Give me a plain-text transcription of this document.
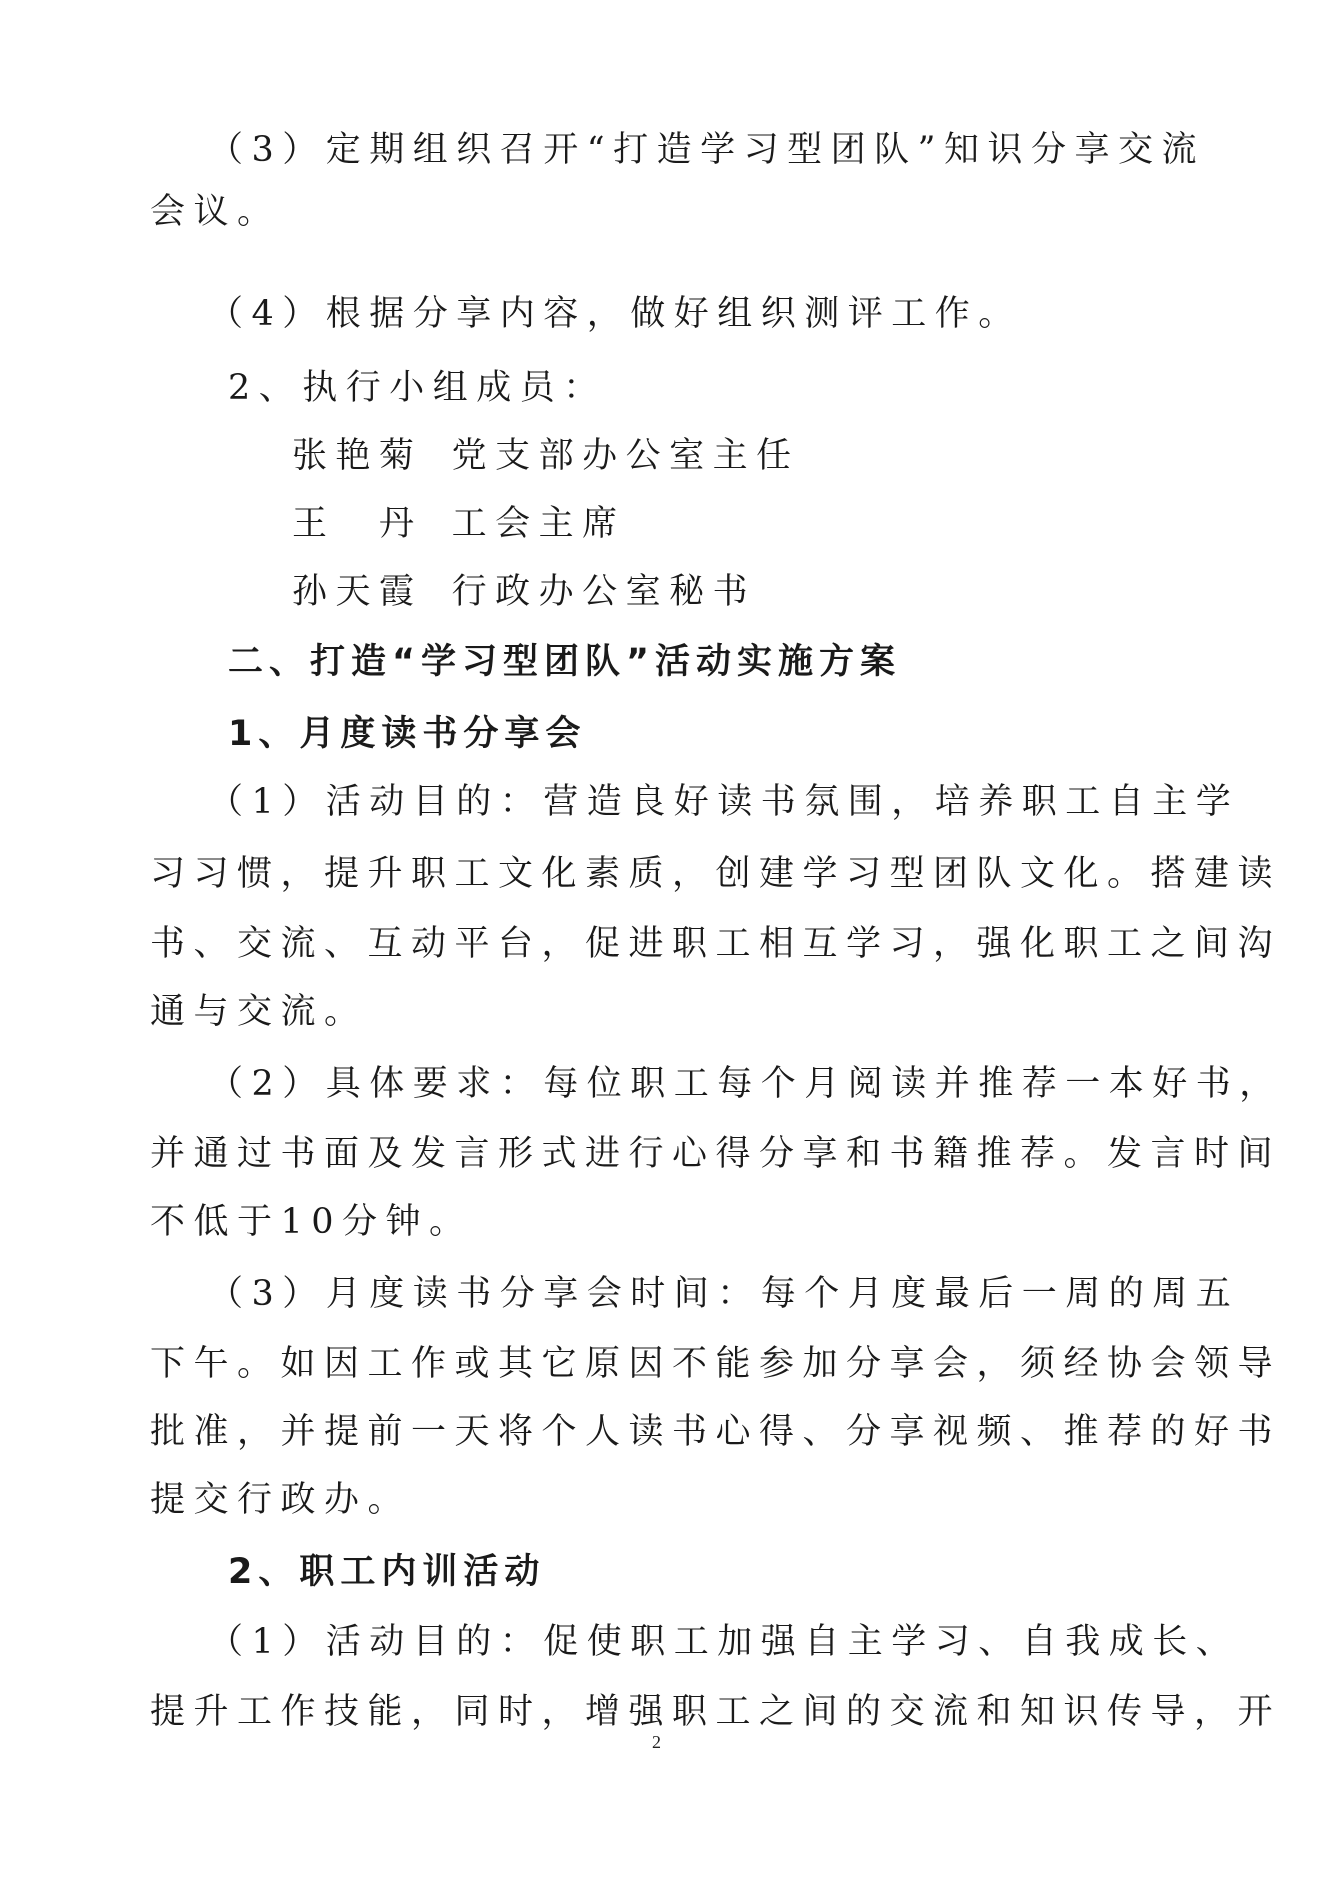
（3）定期组织召开“打造学习型团队”知识分享交流
会议。
（4）根据分享内容，做好组织测评工作。
2、执行小组成员：
张艳菊 党支部办公室主任
王　丹 工会主席
孙天霞 行政办公室秘书
二、打造“学习型团队”活动实施方案
1、月度读书分享会
（1）活动目的：营造良好读书氛围，培养职工自主学
习习惯，提升职工文化素质，创建学习型团队文化。搭建读
书、交流、互动平台，促进职工相互学习，强化职工之间沟
通与交流。
（2）具体要求：每位职工每个月阅读并推荐一本好书，
并通过书面及发言形式进行心得分享和书籍推荐。发言时间
不低于10分钟。
（3）月度读书分享会时间：每个月度最后一周的周五
下午。如因工作或其它原因不能参加分享会，须经协会领导
批准，并提前一天将个人读书心得、分享视频、推荐的好书
提交行政办。
2、职工内训活动
（1）活动目的：促使职工加强自主学习、自我成长、
提升工作技能，同时，增强职工之间的交流和知识传导，开
2
